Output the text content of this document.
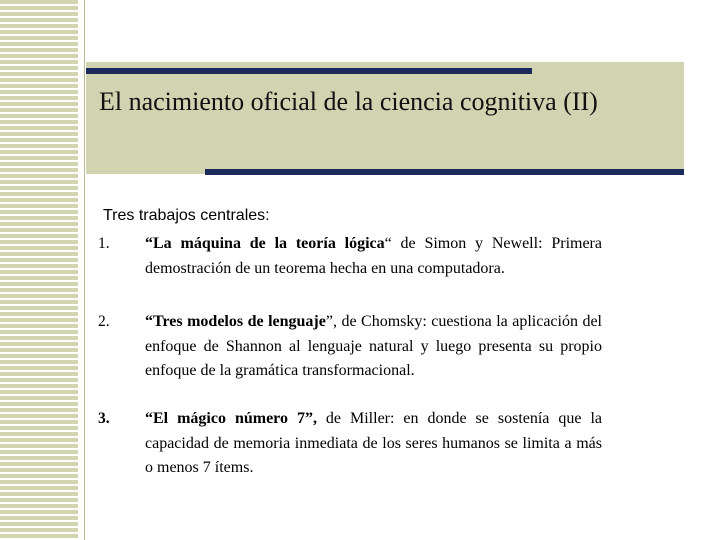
El nacimiento oficial de la ciencia cognitiva (II)
Tres trabajos centrales:
1. “La máquina de la teoría lógica“ de Simon y Newell: Primera demostración de un teorema hecha en una computadora.
2. “Tres modelos de lenguaje”, de Chomsky: cuestiona la aplicación del enfoque de Shannon al lenguaje natural y luego presenta su propio enfoque de la gramática transformacional.
3. “El mágico número 7”, de Miller: en donde se sostenía que la capacidad de memoria inmediata de los seres humanos se limita a más o menos 7 ítems.
